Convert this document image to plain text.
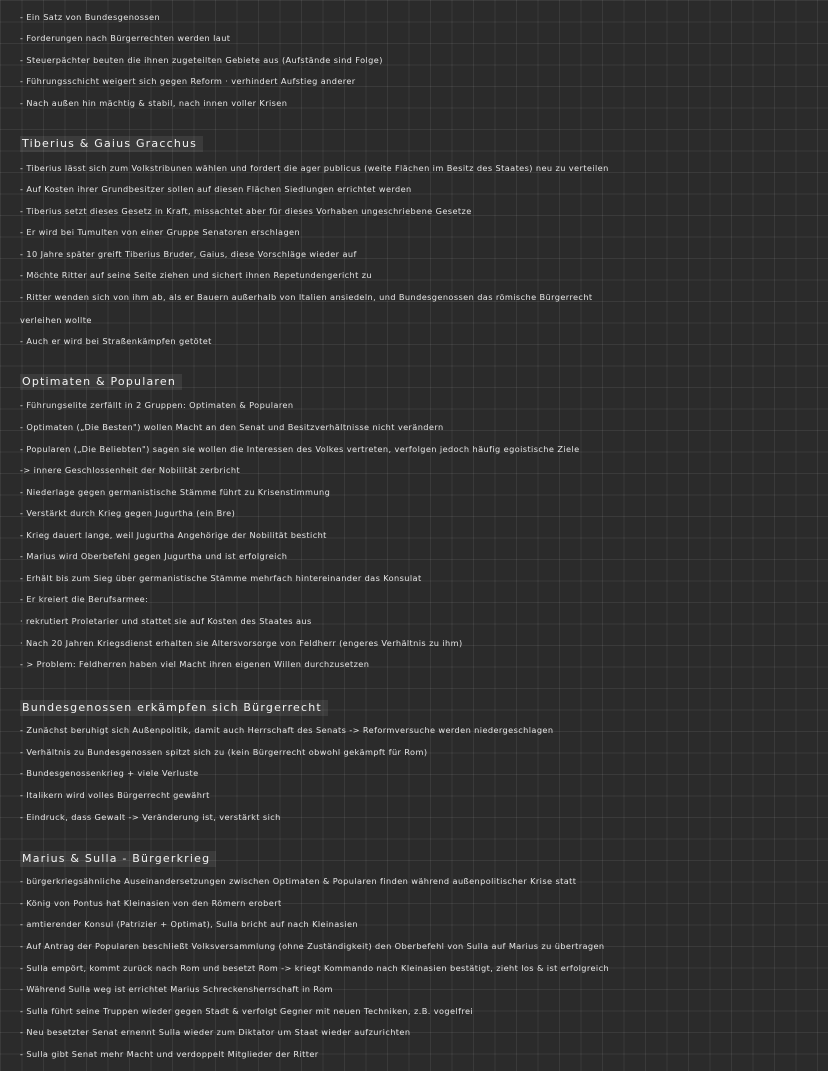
- Ein Satz von Bundesgenossen
- Forderungen nach Bürgerrechten werden laut
- Steuerpächter beuten die ihnen zugeteilten Gebiete aus (Aufstände sind Folge)
- Führungsschicht weigert sich gegen Reform · verhindert Aufstieg anderer
- Nach außen hin mächtig & stabil, nach innen voller Krisen
Tiberius & Gaius Gracchus
- Tiberius lässt sich zum Volkstribunen wählen und fordert die ager publicus (weite Flächen im Besitz des Staates) neu zu verteilen
- Auf Kosten ihrer Grundbesitzer sollen auf diesen Flächen Siedlungen errichtet werden
- Tiberius setzt dieses Gesetz in Kraft, missachtet aber für dieses Vorhaben ungeschriebene Gesetze
- Er wird bei Tumulten von einer Gruppe Senatoren erschlagen
- 10 Jahre später greift Tiberius Bruder, Gaius, diese Vorschläge wieder auf
- Möchte Ritter auf seine Seite ziehen und sichert ihnen Repetundengericht zu
- Ritter wenden sich von ihm ab, als er Bauern außerhalb von Italien ansiedeln, und Bundesgenossen das römische Bürgerrecht
verleihen wollte
- Auch er wird bei Straßenkämpfen getötet
Optimaten & Popularen
- Führungselite zerfällt in 2 Gruppen: Optimaten & Popularen
- Optimaten („Die Besten") wollen Macht an den Senat und Besitzverhältnisse nicht verändern
- Popularen („Die Beliebten") sagen sie wollen die Interessen des Volkes vertreten, verfolgen jedoch häufig egoistische Ziele
-> innere Geschlossenheit der Nobilität zerbricht
- Niederlage gegen germanistische Stämme führt zu Krisenstimmung
- Verstärkt durch Krieg gegen Jugurtha (ein Bre)
- Krieg dauert lange, weil Jugurtha Angehörige der Nobilität besticht
- Marius wird Oberbefehl gegen Jugurtha und ist erfolgreich
- Erhält bis zum Sieg über germanistische Stämme mehrfach hintereinander das Konsulat
- Er kreiert die Berufsarmee:
· rekrutiert Proletarier und stattet sie auf Kosten des Staates aus
· Nach 20 Jahren Kriegsdienst erhalten sie Altersvorsorge von Feldherr (engeres Verhältnis zu ihm)
- > Problem: Feldherren haben viel Macht ihren eigenen Willen durchzusetzen
Bundesgenossen erkämpfen sich Bürgerrecht
- Zunächst beruhigt sich Außenpolitik, damit auch Herrschaft des Senats -> Reformversuche werden niedergeschlagen
- Verhältnis zu Bundesgenossen spitzt sich zu (kein Bürgerrecht obwohl gekämpft für Rom)
- Bundesgenossenkrieg + viele Verluste
- Italikern wird volles Bürgerrecht gewährt
- Eindruck, dass Gewalt -> Veränderung ist, verstärkt sich
Marius & Sulla - Bürgerkrieg
- bürgerkriegsähnliche Auseinandersetzungen zwischen Optimaten & Popularen finden während außenpolitischer Krise statt
- König von Pontus hat Kleinasien von den Römern erobert
- amtierender Konsul (Patrizier + Optimat), Sulla bricht auf nach Kleinasien
- Auf Antrag der Popularen beschließt Volksversammlung (ohne Zuständigkeit) den Oberbefehl von Sulla auf Marius zu übertragen
- Sulla empört, kommt zurück nach Rom und besetzt Rom -> kriegt Kommando nach Kleinasien bestätigt, zieht los & ist erfolgreich
- Während Sulla weg ist errichtet Marius Schreckensherrschaft in Rom
- Sulla führt seine Truppen wieder gegen Stadt & verfolgt Gegner mit neuen Techniken, z.B. vogelfrei
- Neu besetzter Senat ernennt Sulla wieder zum Diktator um Staat wieder aufzurichten
- Sulla gibt Senat mehr Macht und verdoppelt Mitglieder der Ritter
